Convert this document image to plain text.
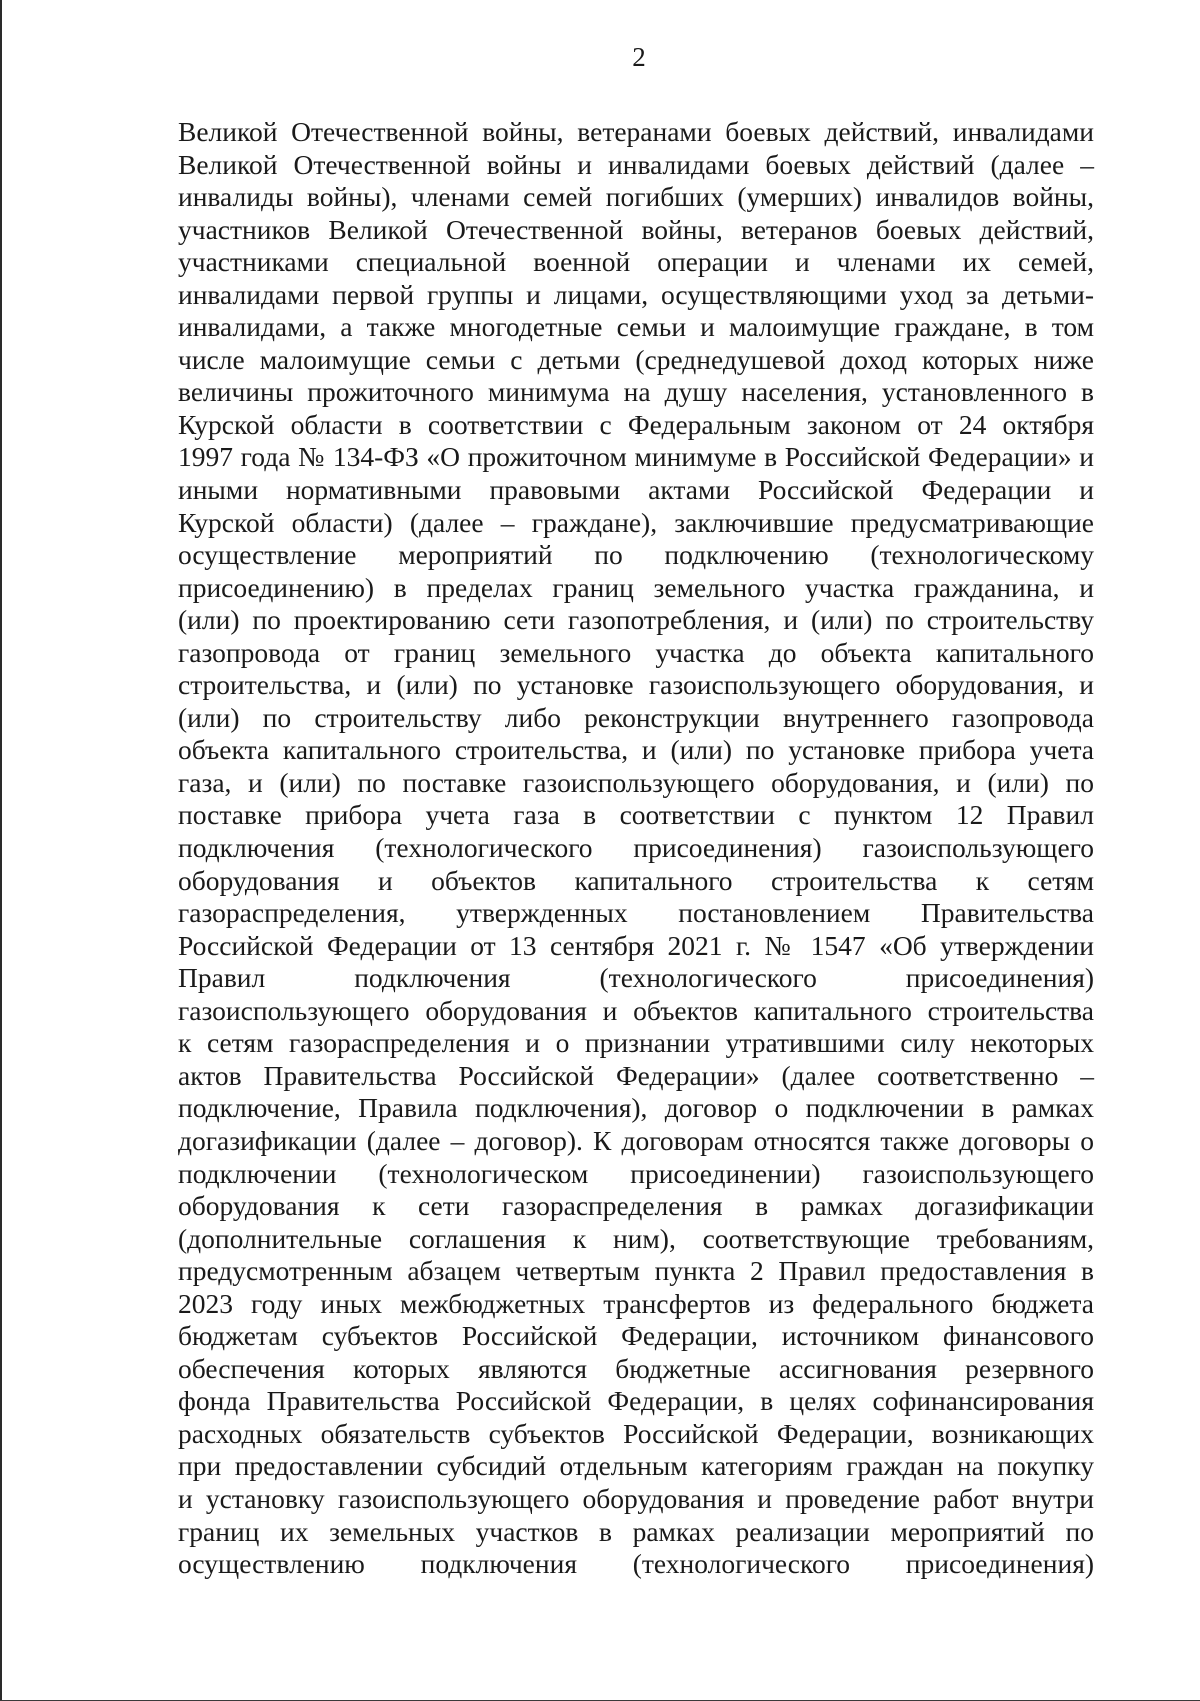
2
Великой Отечественной войны, ветеранами боевых действий, инвалидами
Великой Отечественной войны и инвалидами боевых действий (далее –
инвалиды войны), членами семей погибших (умерших) инвалидов войны,
участников Великой Отечественной войны, ветеранов боевых действий,
участниками специальной военной операции и членами их семей,
инвалидами первой группы и лицами, осуществляющими уход за детьми-
инвалидами, а также многодетные семьи и малоимущие граждане, в том
числе малоимущие семьи с детьми (среднедушевой доход которых ниже
величины прожиточного минимума на душу населения, установленного в
Курской области в соответствии с Федеральным законом от 24 октября
1997 года № 134-ФЗ «О прожиточном минимуме в Российской Федерации» и
иными нормативными правовыми актами Российской Федерации и
Курской области) (далее – граждане), заключившие предусматривающие
осуществление мероприятий по подключению (технологическому
присоединению) в пределах границ земельного участка гражданина, и
(или) по проектированию сети газопотребления, и (или) по строительству
газопровода от границ земельного участка до объекта капитального
строительства, и (или) по установке газоиспользующего оборудования, и
(или) по строительству либо реконструкции внутреннего газопровода
объекта капитального строительства, и (или) по установке прибора учета
газа, и (или) по поставке газоиспользующего оборудования, и (или) по
поставке прибора учета газа в соответствии с пунктом 12 Правил
подключения (технологического присоединения) газоиспользующего
оборудования и объектов капитального строительства к сетям
газораспределения, утвержденных постановлением Правительства
Российской Федерации от 13 сентября 2021 г. № 1547 «Об утверждении
Правил подключения (технологического присоединения)
газоиспользующего оборудования и объектов капитального строительства
к сетям газораспределения и о признании утратившими силу некоторых
актов Правительства Российской Федерации» (далее соответственно –
подключение, Правила подключения), договор о подключении в рамках
догазификации (далее – договор). К договорам относятся также договоры о
подключении (технологическом присоединении) газоиспользующего
оборудования к сети газораспределения в рамках догазификации
(дополнительные соглашения к ним), соответствующие требованиям,
предусмотренным абзацем четвертым пункта 2 Правил предоставления в
2023 году иных межбюджетных трансфертов из федерального бюджета
бюджетам субъектов Российской Федерации, источником финансового
обеспечения которых являются бюджетные ассигнования резервного
фонда Правительства Российской Федерации, в целях софинансирования
расходных обязательств субъектов Российской Федерации, возникающих
при предоставлении субсидий отдельным категориям граждан на покупку
и установку газоиспользующего оборудования и проведение работ внутри
границ их земельных участков в рамках реализации мероприятий по
осуществлению подключения (технологического присоединения)
